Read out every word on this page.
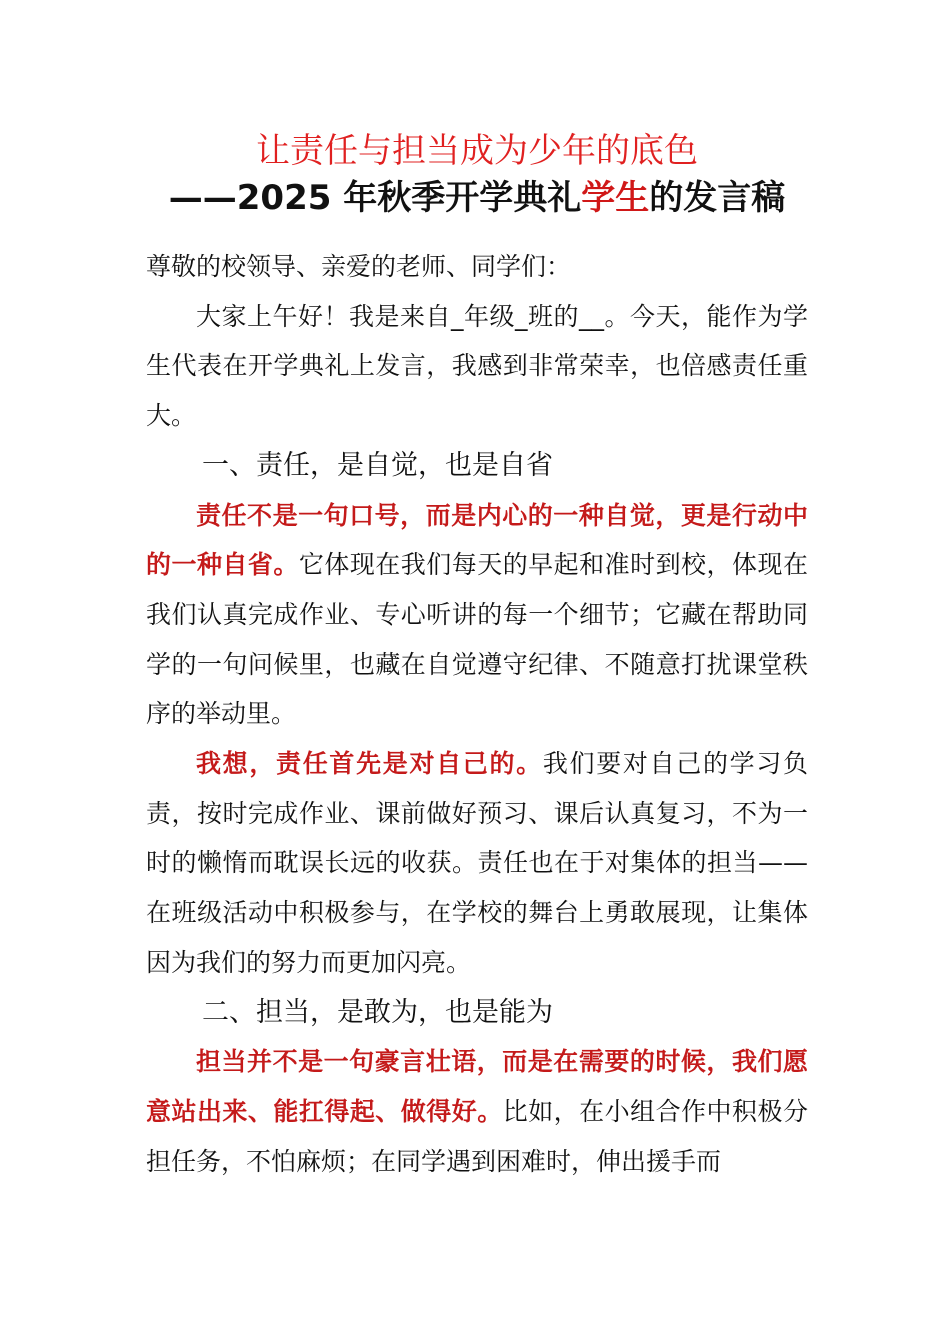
让责任与担当成为少年的底色
——2025 年秋季开学典礼学生的发言稿

尊敬的校领导、亲爱的老师、同学们：

大家上午好！我是来自_年级_班的__。今天，能作为学生代表在开学典礼上发言，我感到非常荣幸，也倍感责任重大。

一、责任，是自觉，也是自省

责任不是一句口号，而是内心的一种自觉，更是行动中的一种自省。它体现在我们每天的早起和准时到校，体现在我们认真完成作业、专心听讲的每一个细节；它藏在帮助同学的一句问候里，也藏在自觉遵守纪律、不随意打扰课堂秩序的举动里。

我想，责任首先是对自己的。我们要对自己的学习负责，按时完成作业、课前做好预习、课后认真复习，不为一时的懒惰而耽误长远的收获。责任也在于对集体的担当——在班级活动中积极参与，在学校的舞台上勇敢展现，让集体因为我们的努力而更加闪亮。

二、担当，是敢为，也是能为

担当并不是一句豪言壮语，而是在需要的时候，我们愿意站出来、能扛得起、做得好。比如，在小组合作中积极分担任务，不怕麻烦；在同学遇到困难时，伸出援手而
